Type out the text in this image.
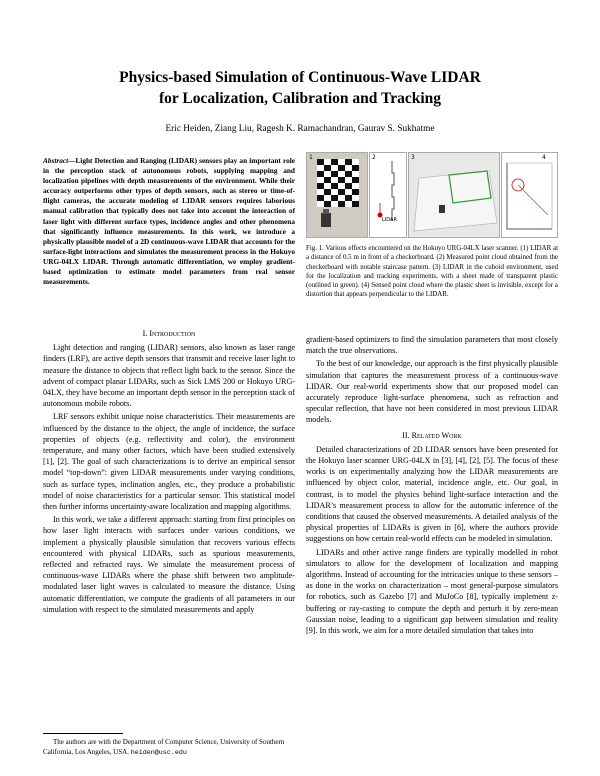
Physics-based Simulation of Continuous-Wave LIDAR
for Localization, Calibration and Tracking
Eric Heiden, Ziang Liu, Ragesh K. Ramachandran, Gaurav S. Sukhatme
Abstract—Light Detection and Ranging (LIDAR) sensors play an important role in the perception stack of autonomous robots, supplying mapping and localization pipelines with depth measurements of the environment. While their accuracy outperforms other types of depth sensors, such as stereo or time-of-flight cameras, the accurate modeling of LIDAR sensors requires laborious manual calibration that typically does not take into account the interaction of laser light with different surface types, incidence angles and other phenomena that significantly influence measurements. In this work, we introduce a physically plausible model of a 2D continuous-wave LIDAR that accounts for the surface-light interactions and simulates the measurement process in the Hokuyo URG-04LX LIDAR. Through automatic differentiation, we employ gradient-based optimization to estimate model parameters from real sensor measurements.
1	2
LIDAR
3	4
Fig. 1. Various effects encountered on the Hokuyo URG-04LX laser scanner. (1) LIDAR at a distance of 0.5 m in front of a checkerboard. (2) Measured point cloud obtained from the checkerboard with notable staircase pattern. (3) LIDAR in the cuboid environment, used for the localization and tracking experiments, with a sheet made of transparent plastic (outlined in green). (4) Sensed point cloud where the plastic sheet is invisible, except for a distortion that appears perpendicular to the LIDAR.
I. Introduction

Light detection and ranging (LIDAR) sensors, also known as laser range finders (LRF), are active depth sensors that transmit and receive laser light to measure the distance to objects that reflect light back to the sensor. Since the advent of compact planar LIDARs, such as Sick LMS 200 or Hokuyo URG-04LX, they have become an important depth sensor in the perception stack of autonomous mobile robots.

LRF sensors exhibit unique noise characteristics. Their measurements are influenced by the distance to the object, the angle of incidence, the surface properties of objects (e.g. reflectivity and color), the environment temperature, and many other factors, which have been studied extensively [1], [2]. The goal of such characterizations is to derive an empirical sensor model “top-down”: given LIDAR measurements under varying conditions, such as surface types, inclination angles, etc., they produce a probabilistic model of noise characteristics for a particular sensor. This statistical model then further informs uncertainty-aware localization and mapping algorithms.

In this work, we take a different approach: starting from first principles on how laser light interacts with surfaces under various conditions, we implement a physically plausible simulation that recovers various effects encountered with physical LIDARs, such as spurious measurements, reflected and refracted rays. We simulate the measurement process of continuous-wave LIDARs where the phase shift between two amplitude-modulated laser light waves is calculated to measure the distance. Using automatic differentiation, we compute the gradients of all parameters in our simulation with respect to the simulated measurements and apply

The authors are with the Department of Computer Science, University of Southern California, Los Angeles, USA. heiden@usc.edu

gradient-based optimizers to find the simulation parameters that most closely match the true observations.

To the best of our knowledge, our approach is the first physically plausible simulation that captures the measurement process of a continuous-wave LIDAR. Our real-world experiments show that our proposed model can accurately reproduce light-surface phenomena, such as refraction and specular reflection, that have not been considered in most previous LIDAR models.

II. Related Work

Detailed characterizations of 2D LIDAR sensors have been presented for the Hokuyo laser scanner URG-04LX in [3], [4], [2], [5]. The focus of these works is on experimentally analyzing how the LIDAR measurements are influenced by object color, material, incidence angle, etc. Our goal, in contrast, is to model the physics behind light-surface interaction and the LIDAR’s measurement process to allow for the automatic inference of the conditions that caused the observed measurements. A detailed analysis of the physical properties of LIDARs is given in [6], where the authors provide suggestions on how certain real-world effects can be modeled in simulation.

LIDARs and other active range finders are typically modelled in robot simulators to allow for the development of localization and mapping algorithms. Instead of accounting for the intricacies unique to these sensors – as done in the works on characterization – most general-purpose simulators for robotics, such as Gazebo [7] and MuJoCo [8], typically implement z-buffering or ray-casting to compute the depth and perturb it by zero-mean Gaussian noise, leading to a significant gap between simulation and reality [9]. In this work, we aim for a more detailed simulation that takes into
